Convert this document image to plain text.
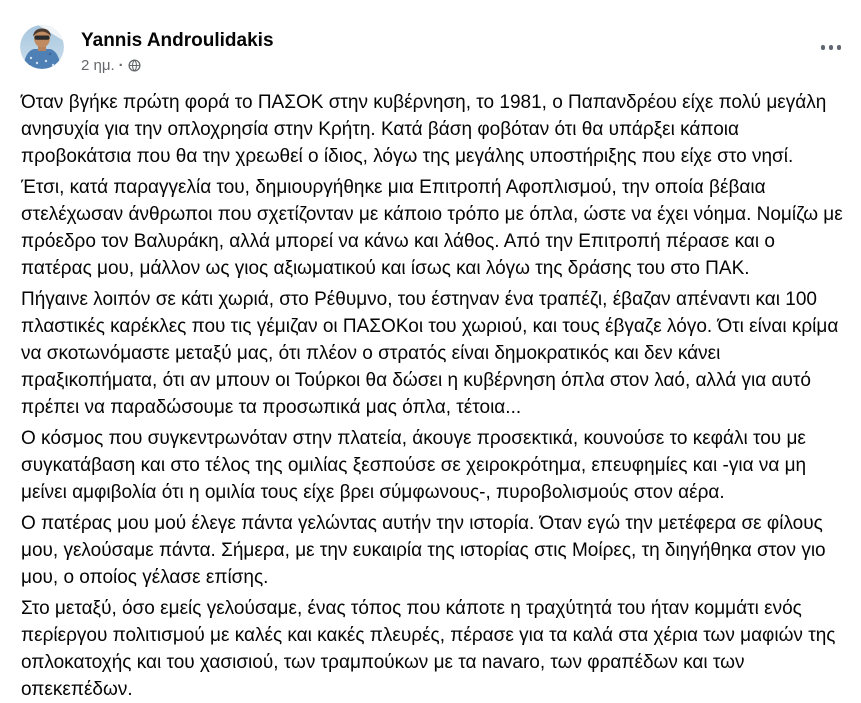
Yannis Androulidakis
2 ημ. ·

Όταν βγήκε πρώτη φορά το ΠΑΣΟΚ στην κυβέρνηση, το 1981, ο Παπανδρέου είχε πολύ μεγάλη ανησυχία για την οπλοχρησία στην Κρήτη. Κατά βάση φοβόταν ότι θα υπάρξει κάποια προβοκάτσια που θα την χρεωθεί ο ίδιος, λόγω της μεγάλης υποστήριξης που είχε στο νησί.

Έτσι, κατά παραγγελία του, δημιουργήθηκε μια Επιτροπή Αφοπλισμού, την οποία βέβαια στελέχωσαν άνθρωποι που σχετίζονταν με κάποιο τρόπο με όπλα, ώστε να έχει νόημα. Νομίζω με πρόεδρο τον Βαλυράκη, αλλά μπορεί να κάνω και λάθος. Από την Επιτροπή πέρασε και ο πατέρας μου, μάλλον ως γιος αξιωματικού και ίσως και λόγω της δράσης του στο ΠΑΚ.

Πήγαινε λοιπόν σε κάτι χωριά, στο Ρέθυμνο, του έστηναν ένα τραπέζι, έβαζαν απέναντι και 100 πλαστικές καρέκλες που τις γέμιζαν οι ΠΑΣΟΚοι του χωριού, και τους έβγαζε λόγο. Ότι είναι κρίμα να σκοτωνόμαστε μεταξύ μας, ότι πλέον ο στρατός είναι δημοκρατικός και δεν κάνει πραξικοπήματα, ότι αν μπουν οι Τούρκοι θα δώσει η κυβέρνηση όπλα στον λαό, αλλά για αυτό πρέπει να παραδώσουμε τα προσωπικά μας όπλα, τέτοια...

Ο κόσμος που συγκεντρωνόταν στην πλατεία, άκουγε προσεκτικά, κουνούσε το κεφάλι του με συγκατάβαση και στο τέλος της ομιλίας ξεσπούσε σε χειροκρότημα, επευφημίες και -για να μη μείνει αμφιβολία ότι η ομιλία τους είχε βρει σύμφωνους-, πυροβολισμούς στον αέρα.

Ο πατέρας μου μού έλεγε πάντα γελώντας αυτήν την ιστορία. Όταν εγώ την μετέφερα σε φίλους μου, γελούσαμε πάντα. Σήμερα, με την ευκαιρία της ιστορίας στις Μοίρες, τη διηγήθηκα στον γιο μου, ο οποίος γέλασε επίσης.

Στο μεταξύ, όσο εμείς γελούσαμε, ένας τόπος που κάποτε η τραχύτητά του ήταν κομμάτι ενός περίεργου πολιτισμού με καλές και κακές πλευρές, πέρασε για τα καλά στα χέρια των μαφιών της οπλοκατοχής και του χασισιού, των τραμπούκων με τα navaro, των φραπέδων και των οπεκεπέδων.
